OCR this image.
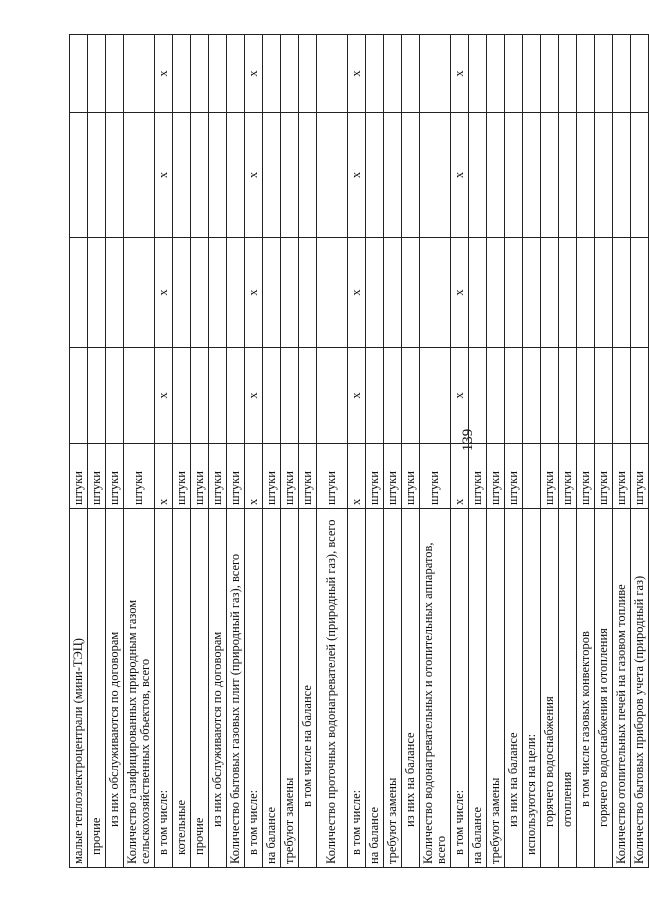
139
малые теплоэлектроцентрали (мини-ТЭЦ)	штуки					
прочие	штуки					
из них обслуживаются по договорам	штуки					
Количество газифицированных природным газом сельскохозяйственных объектов, всего	штуки					
в том числе:	x	x	x	x	x	
котельные	штуки					
прочие	штуки					
из них обслуживаются по договорам	штуки					
Количество бытовых газовых плит (природный газ), всего	штуки					
в том числе:	x	x	x	x	x	
на балансе	штуки					
требуют замены	штуки					
в том числе на балансе	штуки					
Количество проточных водонагревателей (природный газ), всего	штуки					
в том числе:	x	x	x	x	x	
на балансе	штуки					
требуют замены	штуки					
из них на балансе	штуки					
Количество водонагревательных и отопительных аппаратов, всего	штуки					
в том числе:	x	x	x	x	x	
на балансе	штуки					
требуют замены	штуки					
из них на балансе	штуки					
используются на цели:						
горячего водоснабжения	штуки					
отопления	штуки					
в том числе газовых конвекторов	штуки					
горячего водоснабжения и отопления	штуки					
Количество отопительных печей на газовом топливе	штуки					
Количество бытовых приборов учета (природный газ)	штуки					
